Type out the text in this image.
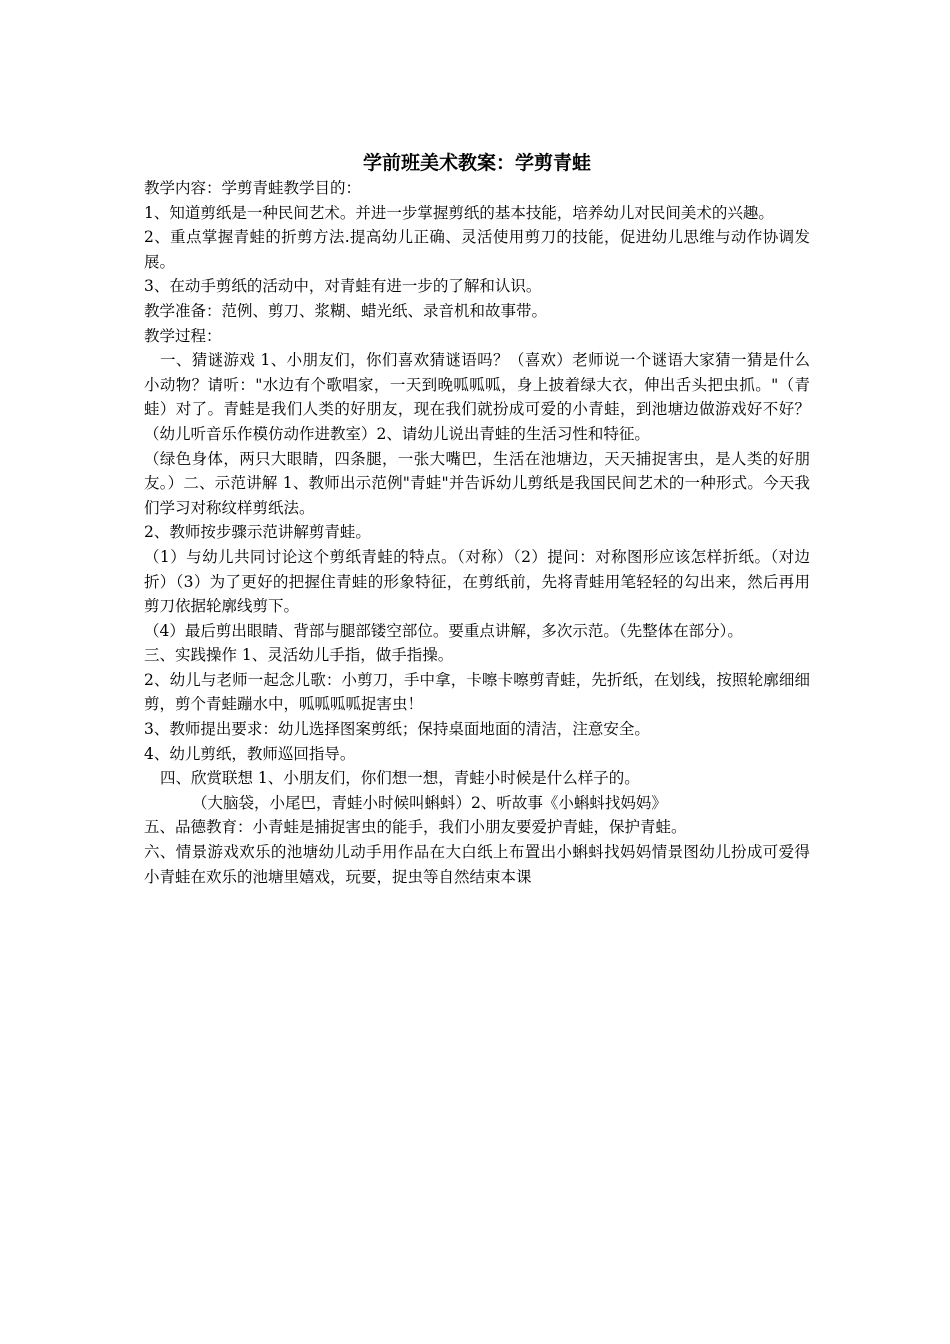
学前班美术教案：学剪青蛙

教学内容：学剪青蛙教学目的：

1、知道剪纸是一种民间艺术。并进一步掌握剪纸的基本技能，培养幼儿对民间美术的兴趣。

2、重点掌握青蛙的折剪方法.提高幼儿正确、灵活使用剪刀的技能，促进幼儿思维与动作协调发展。

3、在动手剪纸的活动中，对青蛙有进一步的了解和认识。

教学准备：范例、剪刀、浆糊、蜡光纸、录音机和故事带。

教学过程：

一、猜谜游戏 1、小朋友们，你们喜欢猜谜语吗？（喜欢）老师说一个谜语大家猜一猜是什么小动物？请听："水边有个歌唱家，一天到晚呱呱呱，身上披着绿大衣，伸出舌头把虫抓。"（青蛙）对了。青蛙是我们人类的好朋友，现在我们就扮成可爱的小青蛙，到池塘边做游戏好不好？（幼儿听音乐作模仿动作进教室）2、请幼儿说出青蛙的生活习性和特征。

（绿色身体，两只大眼睛，四条腿，一张大嘴巴，生活在池塘边，天天捕捉害虫，是人类的好朋友。）二、示范讲解 1、教师出示范例"青蛙"并告诉幼儿剪纸是我国民间艺术的一种形式。今天我们学习对称纹样剪纸法。

2、教师按步骤示范讲解剪青蛙。

（1）与幼儿共同讨论这个剪纸青蛙的特点。（对称）（2）提问：对称图形应该怎样折纸。（对边折）（3）为了更好的把握住青蛙的形象特征，在剪纸前，先将青蛙用笔轻轻的勾出来，然后再用剪刀依据轮廓线剪下。

（4）最后剪出眼睛、背部与腿部镂空部位。要重点讲解，多次示范。（先整体在部分）。

三、实践操作 1、灵活幼儿手指，做手指操。

2、幼儿与老师一起念儿歌：小剪刀，手中拿，卡嚓卡嚓剪青蛙，先折纸，在划线，按照轮廓细细剪，剪个青蛙蹦水中，呱呱呱呱捉害虫！

3、教师提出要求：幼儿选择图案剪纸；保持桌面地面的清洁，注意安全。

4、幼儿剪纸，教师巡回指导。

四、欣赏联想 1、小朋友们，你们想一想，青蛙小时候是什么样子的。

（大脑袋，小尾巴，青蛙小时候叫蝌蚪）2、听故事《小蝌蚪找妈妈》

五、品德教育：小青蛙是捕捉害虫的能手，我们小朋友要爱护青蛙，保护青蛙。

六、情景游戏欢乐的池塘幼儿动手用作品在大白纸上布置出小蝌蚪找妈妈情景图幼儿扮成可爱得小青蛙在欢乐的池塘里嬉戏，玩要，捉虫等自然结束本课
